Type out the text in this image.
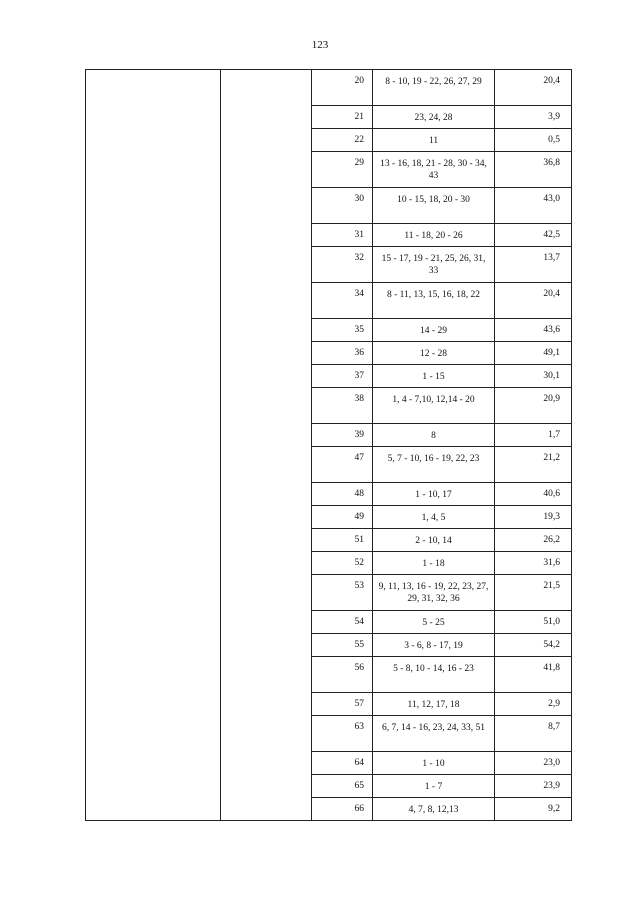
123
		20	8 - 10, 19 - 22, 26, 27, 29	20,4
		21	23, 24, 28	3,9
		22	11	0,5
		29	13 - 16, 18, 21 - 28, 30 - 34, 43	36,8
		30	10 - 15, 18, 20 - 30	43,0
		31	11 - 18, 20 - 26	42,5
		32	15 - 17, 19 - 21, 25, 26, 31, 33	13,7
		34	8 - 11, 13, 15, 16, 18, 22	20,4
		35	14 - 29	43,6
		36	12 - 28	49,1
		37	1 - 15	30,1
		38	1, 4 - 7,10, 12,14 - 20	20,9
		39	8	1,7
		47	5, 7 - 10, 16 - 19, 22, 23	21,2
		48	1 - 10, 17	40,6
		49	1, 4, 5	19,3
		51	2 - 10, 14	26,2
		52	1 - 18	31,6
		53	9, 11, 13, 16 - 19, 22, 23, 27, 29, 31, 32, 36	21,5
		54	5 - 25	51,0
		55	3 - 6, 8 - 17, 19	54,2
		56	5 - 8, 10 - 14, 16 - 23	41,8
		57	11, 12, 17, 18	2,9
		63	6, 7, 14 - 16, 23, 24, 33, 51	8,7
		64	1 - 10	23,0
		65	1 - 7	23,9
		66	4, 7, 8, 12,13	9,2
